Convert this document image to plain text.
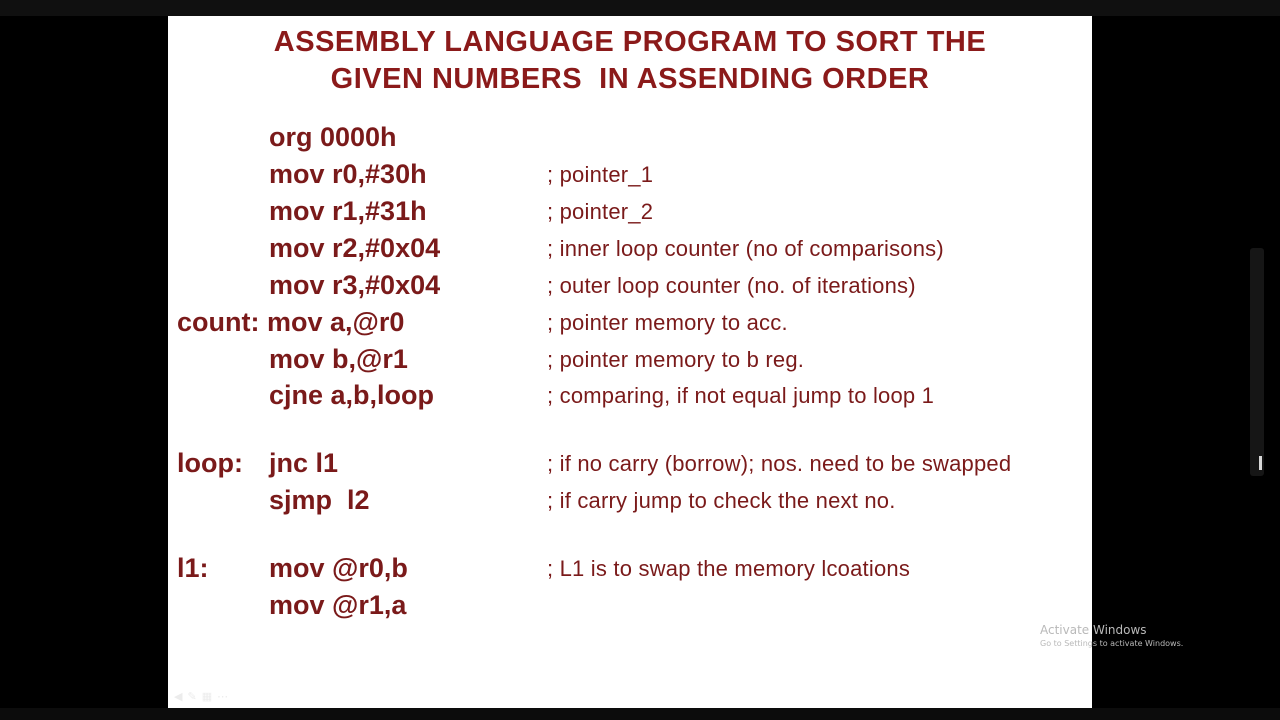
ASSEMBLY LANGUAGE PROGRAM TO SORT THE
GIVEN NUMBERS  IN ASSENDING ORDER
org 0000h
mov r0,#30h	; pointer_1
mov r1,#31h	; pointer_2
mov r2,#0x04	; inner loop counter (no of comparisons)
mov r3,#0x04	; outer loop counter (no. of iterations)
count: mov a,@r0	; pointer memory to acc.
mov b,@r1	; pointer memory to b reg.
cjne a,b,loop	; comparing, if not equal jump to loop 1
loop: jnc l1	; if no carry (borrow); nos. need to be swapped
sjmp  l2	; if carry jump to check the next no.
l1: mov @r0,b	; L1 is to swap the memory lcoations
mov @r1,a
◀✎▦⋯
Activate Windows
Go to Settings to activate Windows.
